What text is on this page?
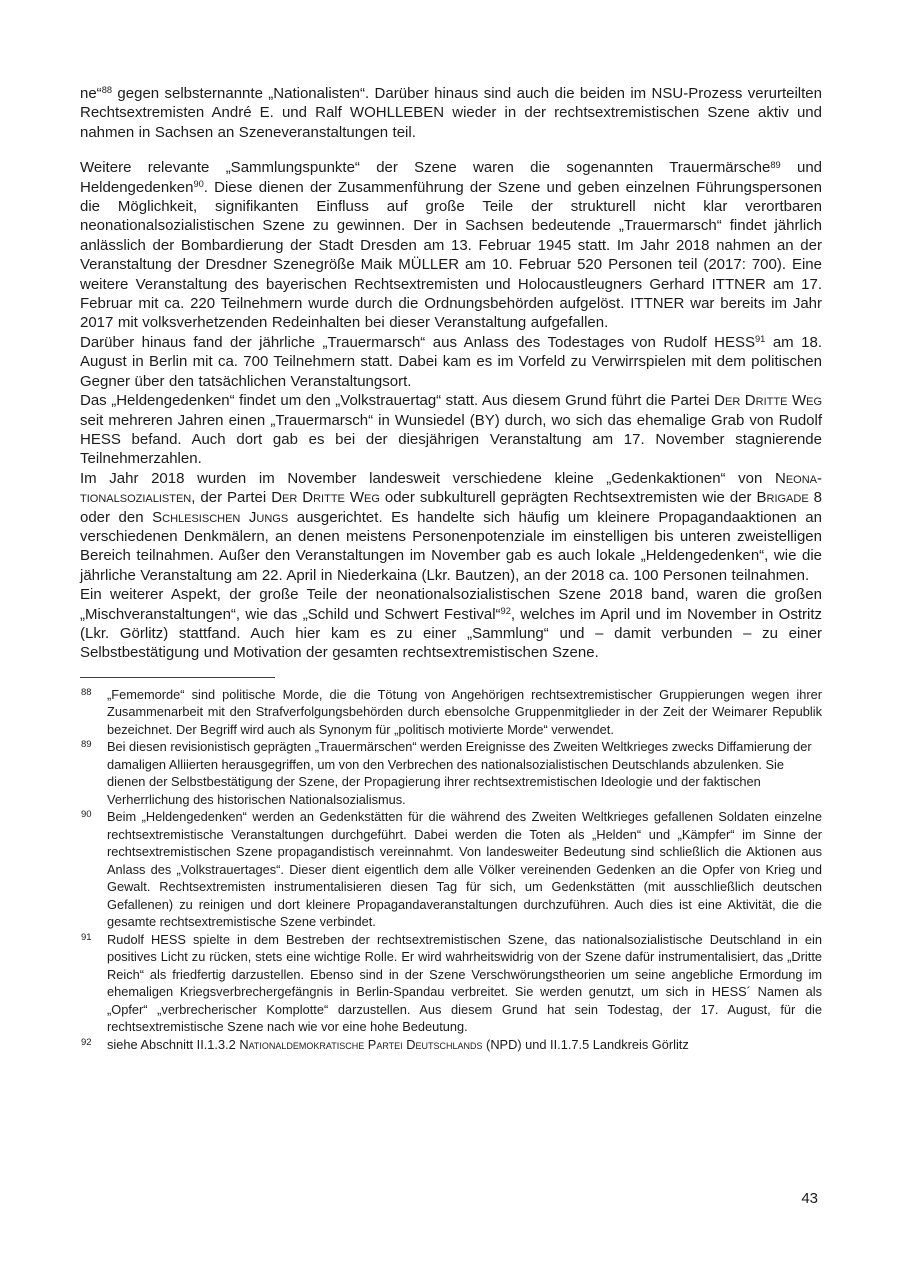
ne“$^{88}$ gegen selbsternannte „Nationalisten“. Darüber hinaus sind auch die beiden im NSU-Prozess verurteilten Rechtsextremisten André E. und Ralf WOHLLEBEN wieder in der rechtsextremistischen Szene aktiv und nahmen in Sachsen an Szeneveranstaltungen teil.

Weitere relevante „Sammlungspunkte“ der Szene waren die sogenannten Trauermärsche$^{89}$ und Heldengedenken$^{90}$. Diese dienen der Zusammenführung der Szene und geben einzelnen Führungspersonen die Möglichkeit, signifikanten Einfluss auf große Teile der strukturell nicht klar verortbaren neonationalsozialistischen Szene zu gewinnen. Der in Sachsen bedeutende „Trauermarsch“ findet jährlich anlässlich der Bombardierung der Stadt Dresden am 13. Februar 1945 statt. Im Jahr 2018 nahmen an der Veranstaltung der Dresdner Szenegröße Maik MÜLLER am 10. Februar 520 Personen teil (2017: 700). Eine weitere Veranstaltung des bayerischen Rechtsextremisten und Holocaustleugners Gerhard ITTNER am 17. Februar mit ca. 220 Teilnehmern wurde durch die Ordnungsbehörden aufgelöst. ITTNER war bereits im Jahr 2017 mit volksverhetzenden Redeinhalten bei dieser Veranstaltung aufgefallen.

Darüber hinaus fand der jährliche „Trauermarsch“ aus Anlass des Todestages von Rudolf HESS$^{91}$ am 18. August in Berlin mit ca. 700 Teilnehmern statt. Dabei kam es im Vorfeld zu Verwirrspielen mit dem politischen Gegner über den tatsächlichen Veranstaltungsort.

Das „Heldengedenken“ findet um den „Volkstrauertag“ statt. Aus diesem Grund führt die Partei Der Dritte Weg seit mehreren Jahren einen „Trauermarsch“ in Wunsiedel (BY) durch, wo sich das ehemalige Grab von Rudolf HESS befand. Auch dort gab es bei der diesjährigen Veranstaltung am 17. November stagnierende Teilnehmerzahlen.

Im Jahr 2018 wurden im November landesweit verschiedene kleine „Gedenkaktionen“ von Neonationalsozialisten, der Partei Der Dritte Weg oder subkulturell geprägten Rechtsextremisten wie der Brigade 8 oder den Schlesischen Jungs ausgerichtet. Es handelte sich häufig um kleinere Propagandaaktionen an verschiedenen Denkmälern, an denen meistens Personenpotenziale im einstelligen bis unteren zweistelligen Bereich teilnahmen. Außer den Veranstaltungen im November gab es auch lokale „Heldengedenken“, wie die jährliche Veranstaltung am 22. April in Niederkaina (Lkr. Bautzen), an der 2018 ca. 100 Personen teilnahmen.

Ein weiterer Aspekt, der große Teile der neonationalsozialistischen Szene 2018 band, waren die großen „Mischveranstaltungen“, wie das „Schild und Schwert Festival“$^{92}$, welches im April und im November in Ostritz (Lkr. Görlitz) stattfand. Auch hier kam es zu einer „Sammlung“ und – damit verbunden – zu einer Selbstbestätigung und Motivation der gesamten rechtsextremistischen Szene.

88 „Fememorde“ sind politische Morde, die die Tötung von Angehörigen rechtsextremistischer Gruppierungen wegen ihrer Zusammenarbeit mit den Strafverfolgungsbehörden durch ebensolche Gruppenmitglieder in der Zeit der Weimarer Republik bezeichnet. Der Begriff wird auch als Synonym für „politisch motivierte Morde“ verwendet.
89 Bei diesen revisionistisch geprägten „Trauermärschen“ werden Ereignisse des Zweiten Weltkrieges zwecks Diffamierung der damaligen Alliierten herausgegriffen, um von den Verbrechen des nationalsozialistischen Deutschlands abzulenken. Sie dienen der Selbstbestätigung der Szene, der Propagierung ihrer rechtsextremistischen Ideologie und der faktischen Verherrlichung des historischen Nationalsozialismus.
90 Beim „Heldengedenken“ werden an Gedenkstätten für die während des Zweiten Weltkrieges gefallenen Soldaten einzelne rechtsextremistische Veranstaltungen durchgeführt. Dabei werden die Toten als „Helden“ und „Kämpfer“ im Sinne der rechtsextremistischen Szene propagandistisch vereinnahmt. Von landesweiter Bedeutung sind schließlich die Aktionen aus Anlass des „Volkstrauertages“. Dieser dient eigentlich dem alle Völker vereinenden Gedenken an die Opfer von Krieg und Gewalt. Rechtsextremisten instrumentalisieren diesen Tag für sich, um Gedenkstätten (mit ausschließlich deutschen Gefallenen) zu reinigen und dort kleinere Propagandaveranstaltungen durchzuführen. Auch dies ist eine Aktivität, die die gesamte rechtsextremistische Szene verbindet.
91 Rudolf HESS spielte in dem Bestreben der rechtsextremistischen Szene, das nationalsozialistische Deutschland in ein positives Licht zu rücken, stets eine wichtige Rolle. Er wird wahrheitswidrig von der Szene dafür instrumentalisiert, das „Dritte Reich“ als friedfertig darzustellen. Ebenso sind in der Szene Verschwörungstheorien um seine angebliche Ermordung im ehemaligen Kriegsverbrechergefängnis in Berlin-Spandau verbreitet. Sie werden genutzt, um sich in HESS´ Namen als „Opfer“ „verbrecherischer Komplotte“ darzustellen. Aus diesem Grund hat sein Todestag, der 17. August, für die rechtsextremistische Szene nach wie vor eine hohe Bedeutung.
92 siehe Abschnitt II.1.3.2 Nationaldemokratische Partei Deutschlands (NPD) und II.1.7.5 Landkreis Görlitz
43
